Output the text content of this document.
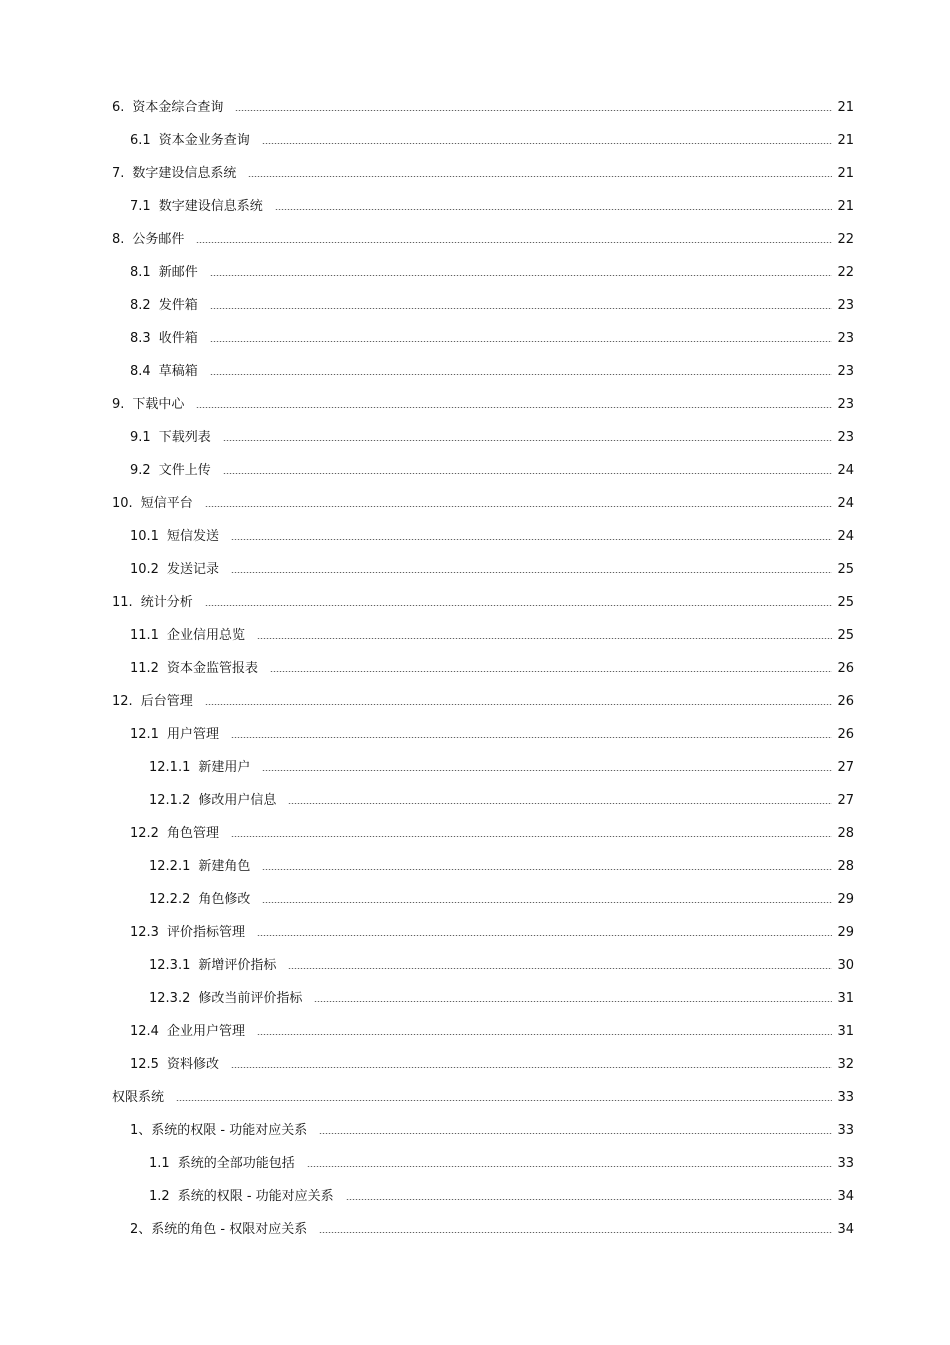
6. 资本金综合查询	21
6.1 资本金业务查询	21
7. 数字建设信息系统	21
7.1 数字建设信息系统	21
8. 公务邮件	22
8.1 新邮件	22
8.2 发件箱	23
8.3 收件箱	23
8.4 草稿箱	23
9. 下载中心	23
9.1 下载列表	23
9.2 文件上传	24
10. 短信平台	24
10.1 短信发送	24
10.2 发送记录	25
11. 统计分析	25
11.1 企业信用总览	25
11.2 资本金监管报表	26
12. 后台管理	26
12.1 用户管理	26
12.1.1 新建用户	27
12.1.2 修改用户信息	27
12.2 角色管理	28
12.2.1 新建角色	28
12.2.2 角色修改	29
12.3 评价指标管理	29
12.3.1 新增评价指标	30
12.3.2 修改当前评价指标	31
12.4 企业用户管理	31
12.5 资料修改	32
权限系统	33
1、系统的权限 - 功能对应关系	33
1.1 系统的全部功能包括	33
1.2 系统的权限 - 功能对应关系	34
2、系统的角色 - 权限对应关系	34
